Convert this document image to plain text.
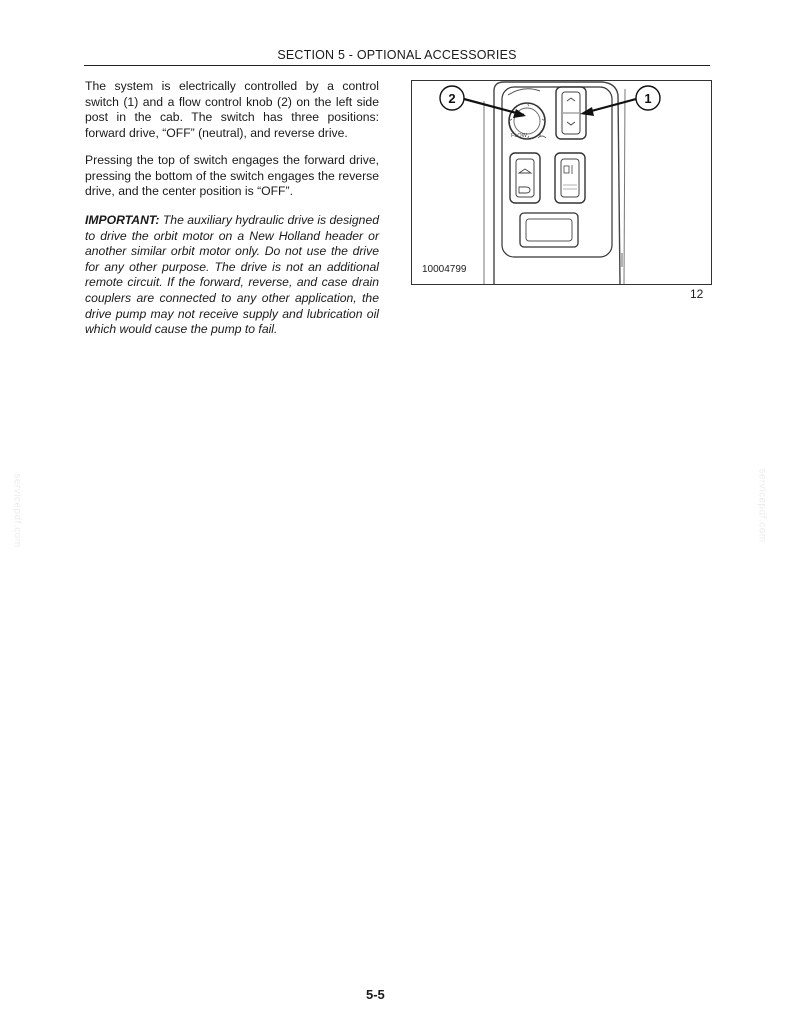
SECTION 5 - OPTIONAL ACCESSORIES
The system is electrically controlled by a control switch (1) and a flow control knob (2) on the left side post in the cab. The switch has three positions: forward drive, “OFF” (neutral), and reverse drive.
Pressing the top of switch engages the forward drive, pressing the bottom of the switch engages the reverse drive, and the center position is “OFF”.
IMPORTANT: The auxiliary hydraulic drive is designed to drive the orbit motor on a New Holland header or another similar orbit motor only. Do not use the drive for any other purpose. The drive is not an additional remote circuit. If the forward, reverse, and case drain couplers are connected to any other application, the drive pump may not receive supply and lubrication oil which would cause the pump to fail.
FLOW
2	1
10004799
12
servicepdf.com	servicepdf.com
5-5
